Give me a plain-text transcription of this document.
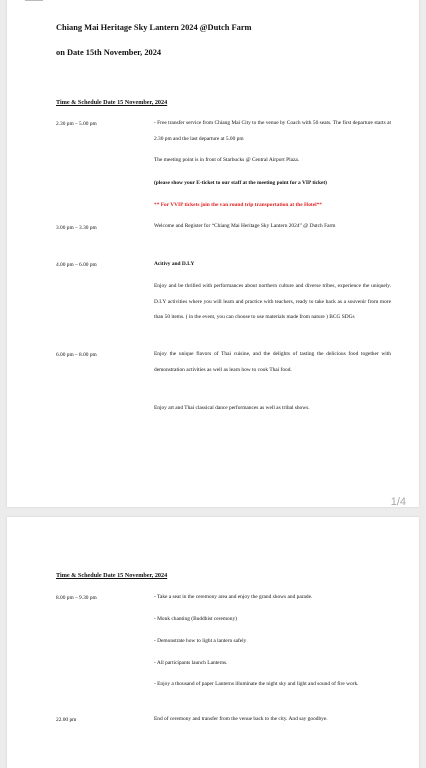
Chiang Mai Heritage Sky Lantern 2024 @Dutch Farm
on Date 15th November, 2024
Time & Schedule Date 15 November, 2024
2.30 pm – 5.00 pm	- Free transfer service from Chiang Mai City to the venue by Coach with 50 seats. The first departure starts at 2.30 pm and the last departure at 5.00 pm
The meeting point is in front of Starbucks @ Central Airport Plaza.
(please show your E-ticket to our staff at the meeting point for a VIP ticket)
** For VVIP tickets join the van round trip transportation at the Hotel**
3.00 pm – 3.30 pm	Welcome and Register for “Chiang Mai Heritage Sky Lantern 2024” @ Dutch Farm
4.00 pm – 6.00 pm	Acitivy and D.I.Y
Enjoy and be thrilled with performances about northern culture and diverse tribes, experience the uniquely. D.I.Y activities where you will learn and practice with teachers, ready to take back as a souvenir from more than 50 items. ( in the event, you can choose to use materials made from nature ) BCG SDGs
6.00 pm – 8.00 pm	Enjoy the unique flavors of Thai cuisine, and the delights of tasting the delicious food together with demonstration activities as well as learn how to cook Thai food.
Enjoy art and Thai classical dance performances as well as tribal shows.
1/4
Time & Schedule Date 15 November, 2024
8.00 pm – 9.30 pm	- Take a seat in the ceremony area and enjoy the grand shows and parade.
- Monk chanting (Buddhist ceremony)
- Demonstrate how to light a lantern safely
- All participants launch Lanterns.
- Enjoy a thousand of paper Lanterns illuminate the night sky and light and sound of fire work.
22.00 pm	End of ceremony and transfer from the venue back to the city. And say goodbye.
